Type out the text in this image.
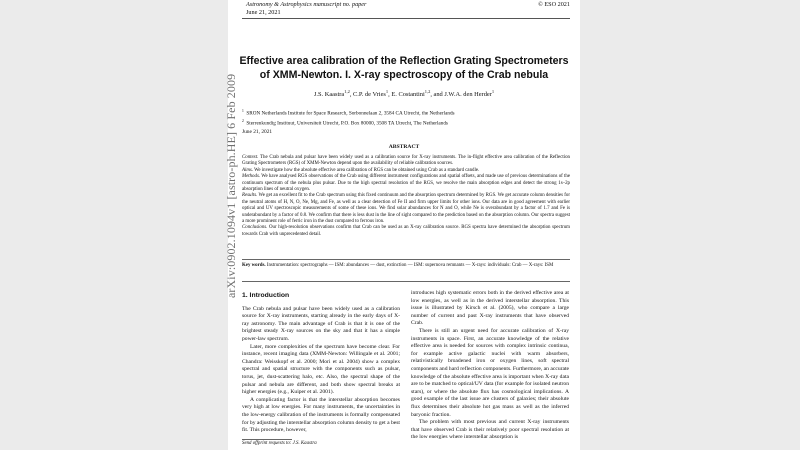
Astronomy & Astrophysics manuscript no. paper
June 21, 2021
© ESO 2021
Effective area calibration of the Reflection Grating Spectrometers
of XMM-Newton. I. X-ray spectroscopy of the Crab nebula
J.S. Kaastra$^{1,2}$, C.P. de Vries$^1$, E. Costantini$^{1,2}$, and J.W.A. den Herder$^1$
$^1$ SRON Netherlands Institute for Space Research, Sorbonnelaan 2, 3584 CA Utrecht, the Netherlands
$^2$ Sterrenkundig Instituut, Universiteit Utrecht, P.O. Box 80000, 3508 TA Utrecht, The Netherlands
June 21, 2021
ABSTRACT

Context. The Crab nebula and pulsar have been widely used as a calibration source for X-ray instruments. The in-flight effective area calibration of the Reflection Grating Spectrometers (RGS) of XMM-Newton depend upon the availability of reliable calibration sources.

Aims. We investigate how the absolute effective area calibration of RGS can be obtained using Crab as a standard candle.

Methods. We have analysed RGS observations of the Crab using different instrument configurations and spatial offsets, and made use of previous determinations of the continuum spectrum of the nebula plus pulsar. Due to the high spectral resolution of the RGS, we resolve the main absorption edges and detect the strong 1s–2p absorption lines of neutral oxygen.

Results. We get an excellent fit to the Crab spectrum using this fixed continuum and the absorption spectrum determined by RGS. We get accurate column densities for the neutral atoms of H, N, O, Ne, Mg, and Fe, as well as a clear detection of Fe II and firm upper limits for other ions. Our data are in good agreement with earlier optical and UV spectroscopic measurements of some of these ions. We find solar abundances for N and O, while Ne is overabundant by a factor of 1.7 and Fe is underabundant by a factor of 0.8. We confirm that there is less dust in the line of sight compared to the prediction based on the absorption column. Our spectra suggest a more prominent role of ferric iron in the dust compared to ferrous iron.

Conclusions. Our high-resolution observations confirm that Crab can be used as an X-ray calibration source. RGS spectra have determined the absorption spectrum towards Crab with unprecedented detail.

Key words. Instrumentation: spectrographs — ISM: abundances — dust, extinction — ISM: supernova remnants — X-rays: individuals: Crab — X-rays: ISM
1. Introduction

The Crab nebula and pulsar have been widely used as a calibration source for X-ray instruments, starting already in the early days of X-ray astronomy. The main advantage of Crab is that it is one of the brightest steady X-ray sources on the sky and that it has a simple power-law spectrum.

Later, more complexities of the spectrum have become clear. For instance, recent imaging data (XMM-Newton: Willingale et al. 2001; Chandra: Weisskopf et al. 2000; Mori et al. 2004) show a complex spectral and spatial structure with the components such as pulsar, torus, jet, dust-scattering halo, etc. Also, the spectral shape of the pulsar and nebula are different, and both show spectral breaks at higher energies (e.g., Kuiper et al. 2001).

A complicating factor is that the interstellar absorption becomes very high at low energies. For many instruments, the uncertainties in the low-energy calibration of the instruments is formally compensated for by adjusting the interstellar absorption column density to get a best fit. This procedure, however,

introduces high systematic errors both in the derived effective area at low energies, as well as in the derived interstellar absorption. This issue is illustrated by Kirsch et al. (2005), who compare a large number of current and past X-ray instruments that have observed Crab.

There is still an urgent need for accurate calibration of X-ray instruments in space. First, an accurate knowledge of the relative effective area is needed for sources with complex intrinsic continua, for example active galactic nuclei with warm absorbers, relativistically broadened iron or oxygen lines, soft spectral components and hard reflection components. Furthermore, an accurate knowledge of the absolute effective area is important when X-ray data are to be matched to optical/UV data (for example for isolated neutron stars), or where the absolute flux has cosmological implications. A good example of the last issue are clusters of galaxies; their absolute flux determines their absolute hot gas mass as well as the inferred baryonic fraction.

The problem with most previous and current X-ray instruments that have observed Crab is their relatively poor spectral resolution at the low energies where interstellar absorption is

Send offprint requests to: J.S. Kaastra
arXiv:0902.1094v1 [astro-ph.HE] 6 Feb 2009
